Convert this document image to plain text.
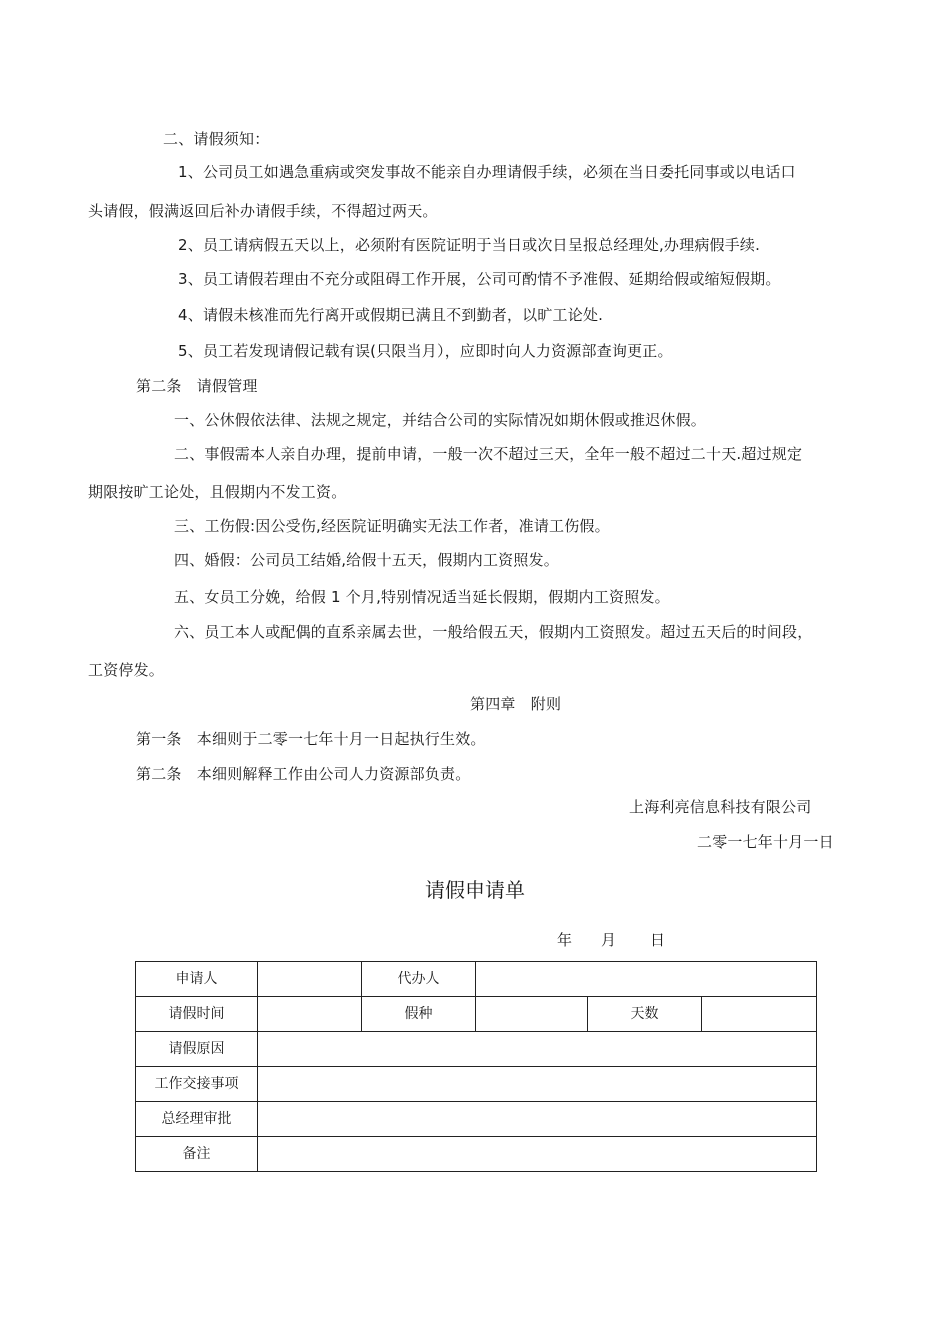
二、请假须知：
1、公司员工如遇急重病或突发事故不能亲自办理请假手续，必须在当日委托同事或以电话口
头请假，假满返回后补办请假手续，不得超过两天。
2、员工请病假五天以上，必须附有医院证明于当日或次日呈报总经理处,办理病假手续.
3、员工请假若理由不充分或阻碍工作开展，公司可酌情不予准假、延期给假或缩短假期。
4、请假未核准而先行离开或假期已满且不到勤者，以旷工论处.
5、员工若发现请假记载有误(只限当月），应即时向人力资源部查询更正。
第二条　请假管理
一、公休假依法律、法规之规定，并结合公司的实际情况如期休假或推迟休假。
二、事假需本人亲自办理，提前申请，一般一次不超过三天，全年一般不超过二十天.超过规定
期限按旷工论处，且假期内不发工资。
三、工伤假:因公受伤,经医院证明确实无法工作者，准请工伤假。
四、婚假：公司员工结婚,给假十五天，假期内工资照发。
五、女员工分娩，给假 1 个月,特别情况适当延长假期，假期内工资照发。
六、员工本人或配偶的直系亲属去世，一般给假五天，假期内工资照发。超过五天后的时间段，
工资停发。
第四章　附则
第一条　本细则于二零一七年十月一日起执行生效。
第二条　本细则解释工作由公司人力资源部负责。
上海利亮信息科技有限公司
二零一七年十月一日
请假申请单
年 月 日
申请人		代办人			
请假时间		假种		天数	
请假原因					
工作交接事项					
总经理审批					
备注					
